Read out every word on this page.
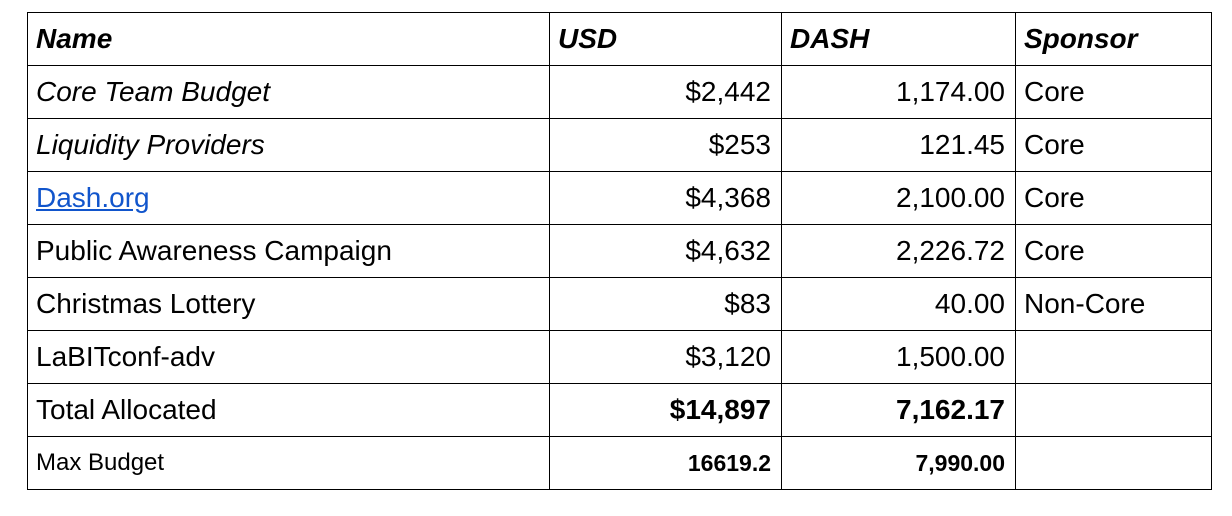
Name	USD	DASH	Sponsor
Core Team Budget	$2,442	1,174.00	Core
Liquidity Providers	$253	121.45	Core
Dash.org	$4,368	2,100.00	Core
Public Awareness Campaign	$4,632	2,226.72	Core
Christmas Lottery	$83	40.00	Non-Core
LaBITconf-adv	$3,120	1,500.00	
Total Allocated	$14,897	7,162.17	
Max Budget	16619.2	7,990.00	
